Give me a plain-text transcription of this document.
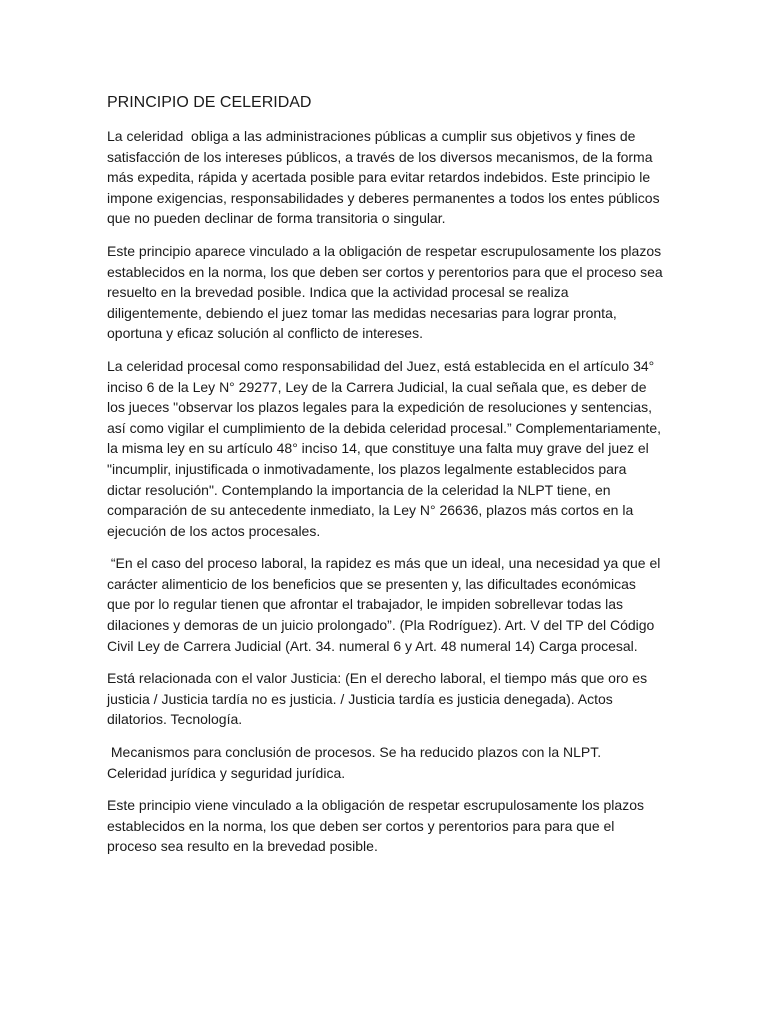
PRINCIPIO DE CELERIDAD

La celeridad  obliga a las administraciones públicas a cumplir sus objetivos y fines de satisfacción de los intereses públicos, a través de los diversos mecanismos, de la forma más expedita, rápida y acertada posible para evitar retardos indebidos. Este principio le impone exigencias, responsabilidades y deberes permanentes a todos los entes públicos que no pueden declinar de forma transitoria o singular.

Este principio aparece vinculado a la obligación de respetar escrupulosamente los plazos establecidos en la norma, los que deben ser cortos y perentorios para que el proceso sea resuelto en la brevedad posible. Indica que la actividad procesal se realiza diligentemente, debiendo el juez tomar las medidas necesarias para lograr pronta, oportuna y eficaz solución al conflicto de intereses.

La celeridad procesal como responsabilidad del Juez, está establecida en el artículo 34° inciso 6 de la Ley N° 29277, Ley de la Carrera Judicial, la cual señala que, es deber de los jueces "observar los plazos legales para la expedición de resoluciones y sentencias, así como vigilar el cumplimiento de la debida celeridad procesal.” Complementariamente, la misma ley en su artículo 48° inciso 14, que constituye una falta muy grave del juez el "incumplir, injustificada o inmotivadamente, los plazos legalmente establecidos para dictar resolución". Contemplando la importancia de la celeridad la NLPT tiene, en comparación de su antecedente inmediato, la Ley N° 26636, plazos más cortos en la ejecución de los actos procesales.

“En el caso del proceso laboral, la rapidez es más que un ideal, una necesidad ya que el carácter alimenticio de los beneficios que se presenten y, las dificultades económicas que por lo regular tienen que afrontar el trabajador, le impiden sobrellevar todas las dilaciones y demoras de un juicio prolongado”. (Pla Rodríguez). Art. V del TP del Código Civil Ley de Carrera Judicial (Art. 34. numeral 6 y Art. 48 numeral 14) Carga procesal.

Está relacionada con el valor Justicia: (En el derecho laboral, el tiempo más que oro es justicia / Justicia tardía no es justicia. / Justicia tardía es justicia denegada). Actos dilatorios. Tecnología.

Mecanismos para conclusión de procesos. Se ha reducido plazos con la NLPT. Celeridad jurídica y seguridad jurídica.

Este principio viene vinculado a la obligación de respetar escrupulosamente los plazos establecidos en la norma, los que deben ser cortos y perentorios para para que el proceso sea resulto en la brevedad posible.
